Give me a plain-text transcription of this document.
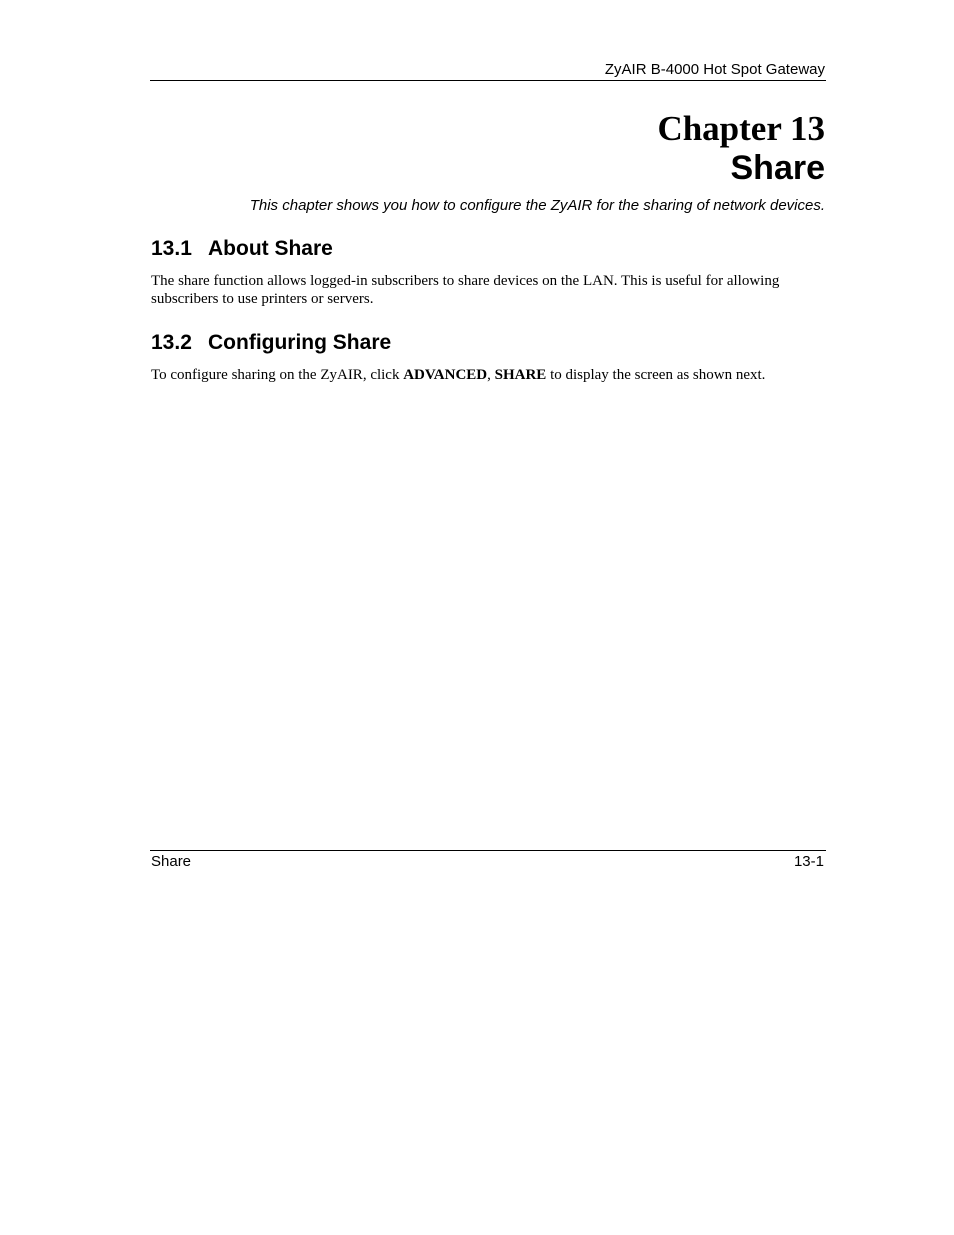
ZyAIR B-4000 Hot Spot Gateway
Chapter 13
Share
This chapter shows you how to configure the ZyAIR for the sharing of network devices.
13.1 About Share
The share function allows logged-in subscribers to share devices on the LAN. This is useful for allowing subscribers to use printers or servers.
13.2 Configuring Share
To configure sharing on the ZyAIR, click ADVANCED, SHARE to display the screen as shown next.
Share	13-1
